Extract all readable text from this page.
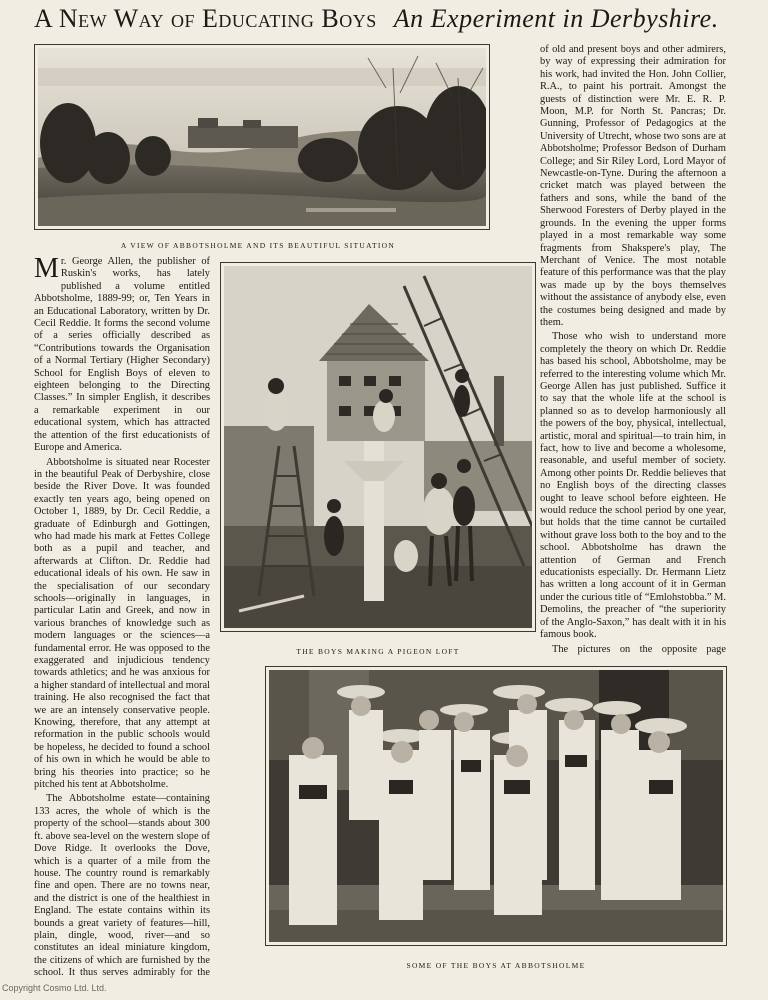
A New Way of Educating Boys An Experiment in Derbyshire.
A VIEW OF ABBOTSHOLME AND ITS BEAUTIFUL SITUATION

Mr. George Allen, the publisher of Ruskin's works, has lately published a volume entitled Abbotsholme, 1889-99; or, Ten Years in an Educational Laboratory, written by Dr. Cecil Reddie. It forms the second volume of a series officially described as “Contributions towards the Organisation of a Normal Tertiary (Higher Secondary) School for English Boys of eleven to eighteen belonging to the Directing Classes.” In simpler English, it describes a remarkable experiment in our educational system, which has attracted the attention of the first educationists of Europe and America.

Abbotsholme is situated near Rocester in the beautiful Peak of Derbyshire, close beside the River Dove. It was founded exactly ten years ago, being opened on October 1, 1889, by Dr. Cecil Reddie, a graduate of Edinburgh and Gottingen, who had made his mark at Fettes College both as a pupil and teacher, and afterwards at Clifton. Dr. Reddie had educational ideals of his own. He saw in the specialisation of our secondary schools—originally in languages, in particular Latin and Greek, and now in various branches of knowledge such as modern languages or the sciences—a fundamental error. He was opposed to the exaggerated and injudicious tendency towards athletics; and he was anxious for a higher standard of intellectual and moral training. He also recognised the fact that we are an intensely conservative people. Knowing, therefore, that any attempt at reformation in the public schools would be hopeless, he decided to found a school of his own in which he would be able to bring his theories into practice; so he pitched his tent at Abbotsholme.

The Abbotsholme estate—containing 133 acres, the whole of which is the property of the school—stands about 300 ft. above sea-level on the western slope of Dove Ridge. It overlooks the Dove, which is a quarter of a mile from the house. The country round is remarkably fine and open. There are no towns near, and the district is one of the healthiest in England. The estate contains within its bounds a great variety of features—hill, plain, dingle, wood, river—and so constitutes an ideal miniature kingdom, the citizens of which are furnished by the school. It thus serves admirably for the

THE BOYS MAKING A PIGEON LOFT

of old and present boys and other admirers, by way of expressing their admiration for his work, had invited the Hon. John Collier, R.A., to paint his portrait. Amongst the guests of distinction were Mr. E. R. P. Moon, M.P. for North St. Pancras; Dr. Gunning, Professor of Pedagogics at the University of Utrecht, whose two sons are at Abbotsholme; Professor Bedson of Durham College; and Sir Riley Lord, Lord Mayor of Newcastle-on-Tyne. During the afternoon a cricket match was played between the fathers and sons, while the band of the Sherwood Foresters of Derby played in the grounds. In the evening the upper forms played in a most remarkable way some fragments from Shakspere's play, The Merchant of Venice. The most notable feature of this performance was that the play was made up by the boys themselves without the assistance of anybody else, even the costumes being designed and made by them.

Those who wish to understand more completely the theory on which Dr. Reddie has based his school, Abbotsholme, may be referred to the interesting volume which Mr. George Allen has just published. Suffice it to say that the whole life at the school is planned so as to develop harmoniously all the powers of the boy, physical, intellectual, artistic, moral and spiritual—to train him, in fact, how to live and become a wholesome, reasonable, and useful member of society. Among other points Dr. Reddie believes that no English boys of the directing classes ought to leave school before eighteen. He would reduce the school period by one year, but holds that the time cannot be curtailed without grave loss both to the boy and to the school. Abbotsholme has drawn the attention of German and French educationists especially. Dr. Hermann Lietz has written a long account of it in German under the curious title of “Emlohstobba.” M. Demolins, the preacher of “the superiority of the Anglo-Saxon,” has dealt with it in his famous book.

The pictures on the opposite page

SOME OF THE BOYS AT ABBOTSHOLME
Copyright Cosmo Ltd. Ltd.
